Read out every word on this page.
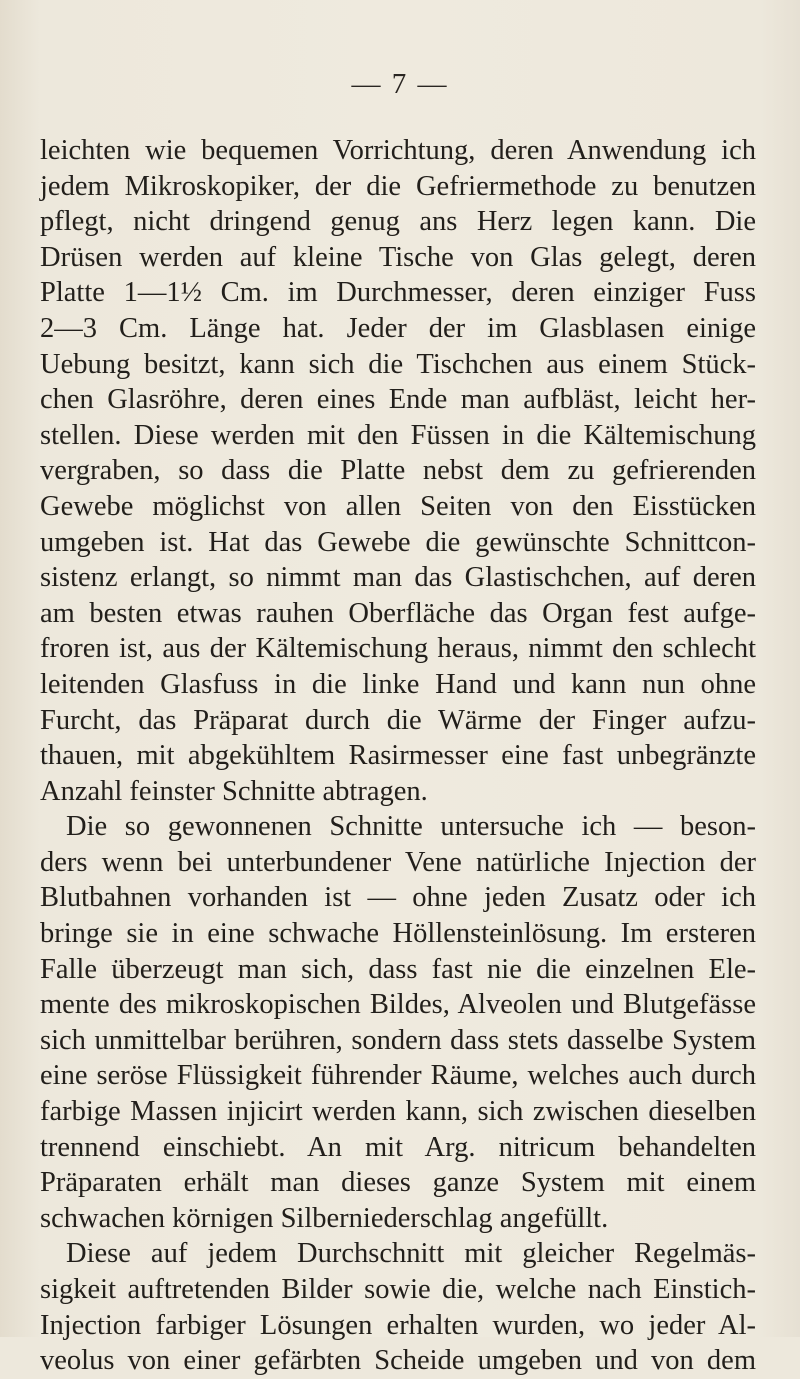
— 7 —
leichten wie bequemen Vorrichtung, deren Anwendung ich
jedem Mikroskopiker, der die Gefriermethode zu benutzen
pflegt, nicht dringend genug ans Herz legen kann. Die
Drüsen werden auf kleine Tische von Glas gelegt, deren
Platte 1—1½ Cm. im Durchmesser, deren einziger Fuss
2—3 Cm. Länge hat. Jeder der im Glasblasen einige
Uebung besitzt, kann sich die Tischchen aus einem Stück-
chen Glasröhre, deren eines Ende man aufbläst, leicht her-
stellen. Diese werden mit den Füssen in die Kältemischung
vergraben, so dass die Platte nebst dem zu gefrierenden
Gewebe möglichst von allen Seiten von den Eisstücken
umgeben ist. Hat das Gewebe die gewünschte Schnittcon-
sistenz erlangt, so nimmt man das Glastischchen, auf deren
am besten etwas rauhen Oberfläche das Organ fest aufge-
froren ist, aus der Kältemischung heraus, nimmt den schlecht
leitenden Glasfuss in die linke Hand und kann nun ohne
Furcht, das Präparat durch die Wärme der Finger aufzu-
thauen, mit abgekühltem Rasirmesser eine fast unbegränzte
Anzahl feinster Schnitte abtragen.
Die so gewonnenen Schnitte untersuche ich — beson-
ders wenn bei unterbundener Vene natürliche Injection der
Blutbahnen vorhanden ist — ohne jeden Zusatz oder ich
bringe sie in eine schwache Höllensteinlösung. Im ersteren
Falle überzeugt man sich, dass fast nie die einzelnen Ele-
mente des mikroskopischen Bildes, Alveolen und Blutgefässe
sich unmittelbar berühren, sondern dass stets dasselbe System
eine seröse Flüssigkeit führender Räume, welches auch durch
farbige Massen injicirt werden kann, sich zwischen dieselben
trennend einschiebt. An mit Arg. nitricum behandelten
Präparaten erhält man dieses ganze System mit einem
schwachen körnigen Silberniederschlag angefüllt.
Diese auf jedem Durchschnitt mit gleicher Regelmäs-
sigkeit auftretenden Bilder sowie die, welche nach Einstich-
Injection farbiger Lösungen erhalten wurden, wo jeder Al-
veolus von einer gefärbten Scheide umgeben und von dem
